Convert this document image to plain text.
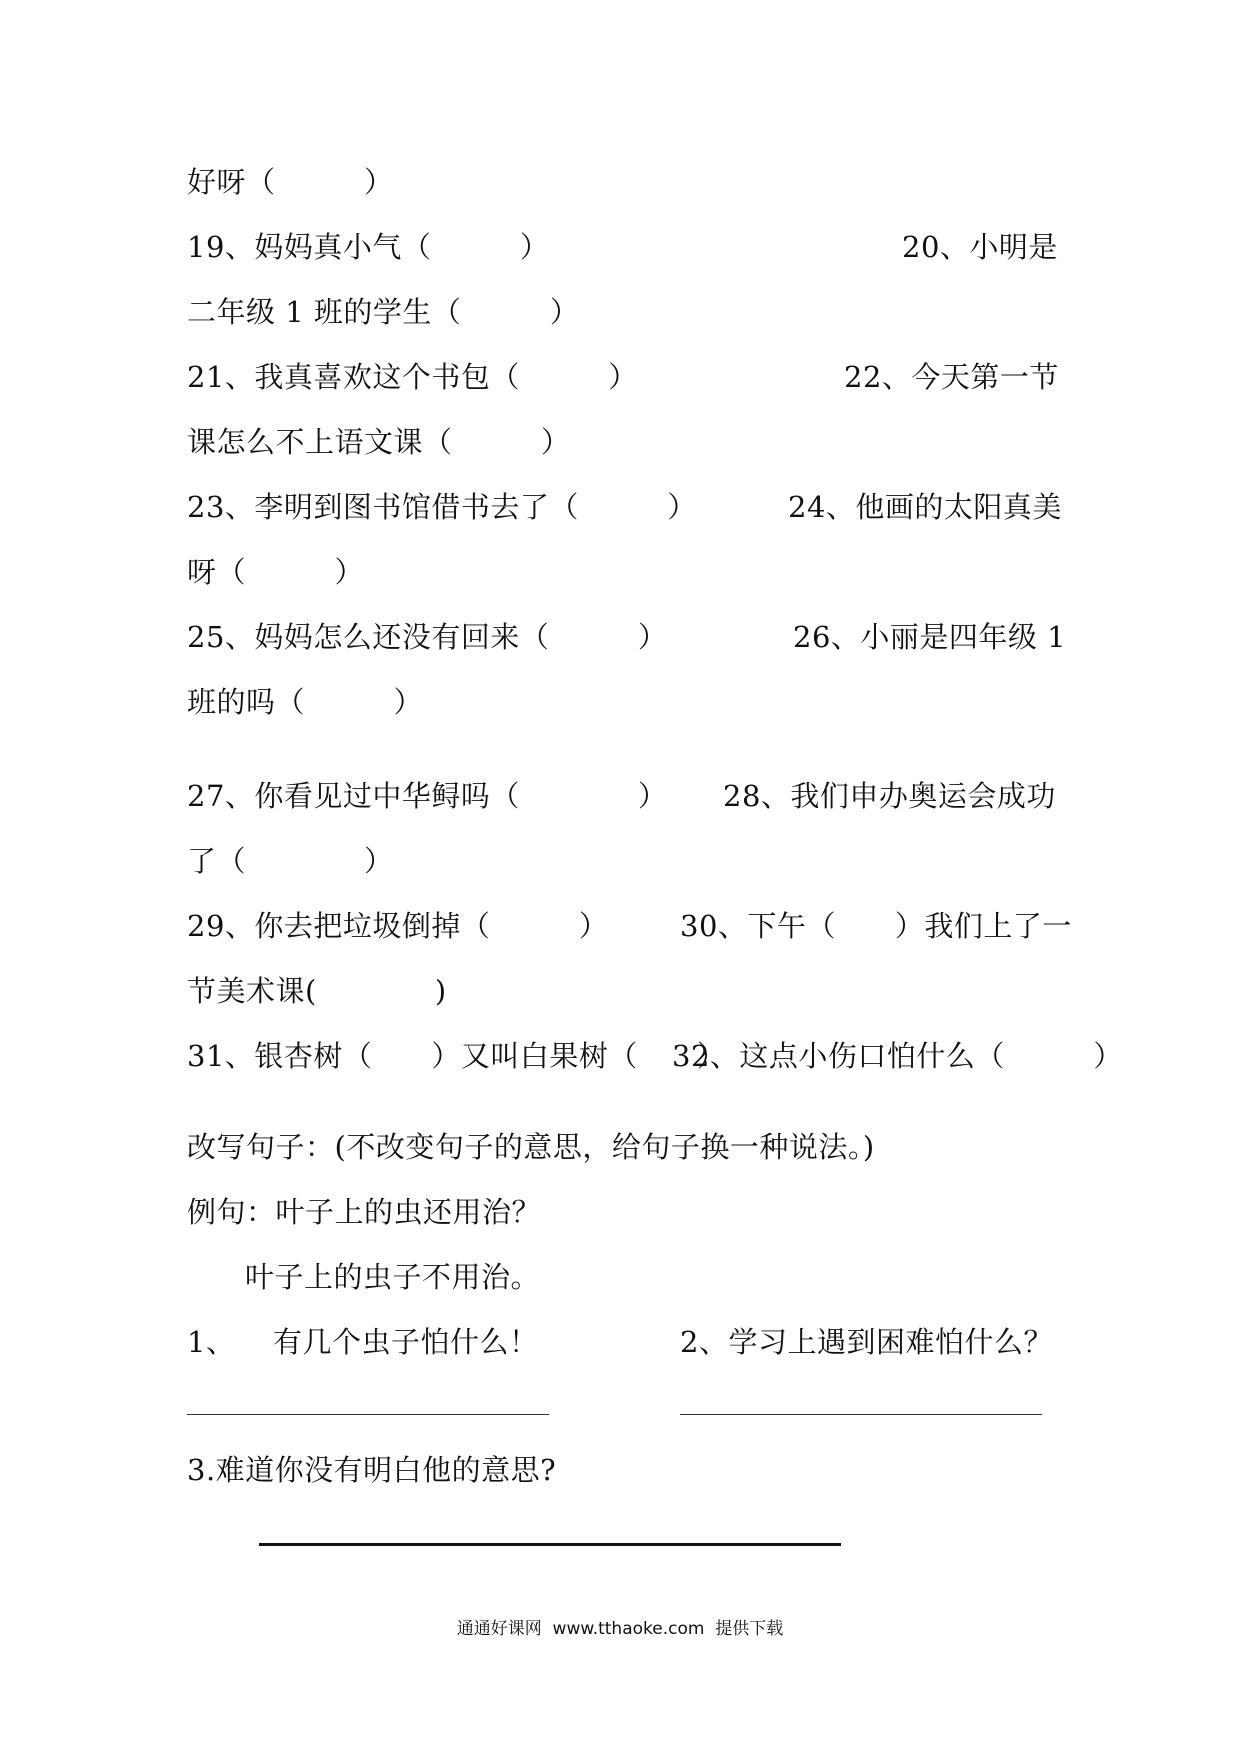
好呀（　　　）
19、妈妈真小气（　　　）	20、小明是
二年级 1 班的学生（　　　）
21、我真喜欢这个书包（　　　）	22、今天第一节
课怎么不上语文课（　　　）
23、李明到图书馆借书去了（　　　）	24、他画的太阳真美
呀（　　　）
25、妈妈怎么还没有回来（　　　）	26、小丽是四年级 1
班的吗（　　　）
27、你看见过中华鲟吗（　　　　） 28、我们申办奥运会成功
了（　　　　）
29、你去把垃圾倒掉（　　　） 30、下午（　　）我们上了一
节美术课(　　　　)
31、银杏树（　　）又叫白果树（　　）
32、这点小伤口怕什么（　　　）
改写句子：(不改变句子的意思，给句子换一种说法。)
例句：叶子上的虫还用治？
叶子上的虫子不用治。
1、 有几个虫子怕什么！	2、学习上遇到困难怕什么？
3.难道你没有明白他的意思?
通通好课网  www.tthaoke.com  提供下载
